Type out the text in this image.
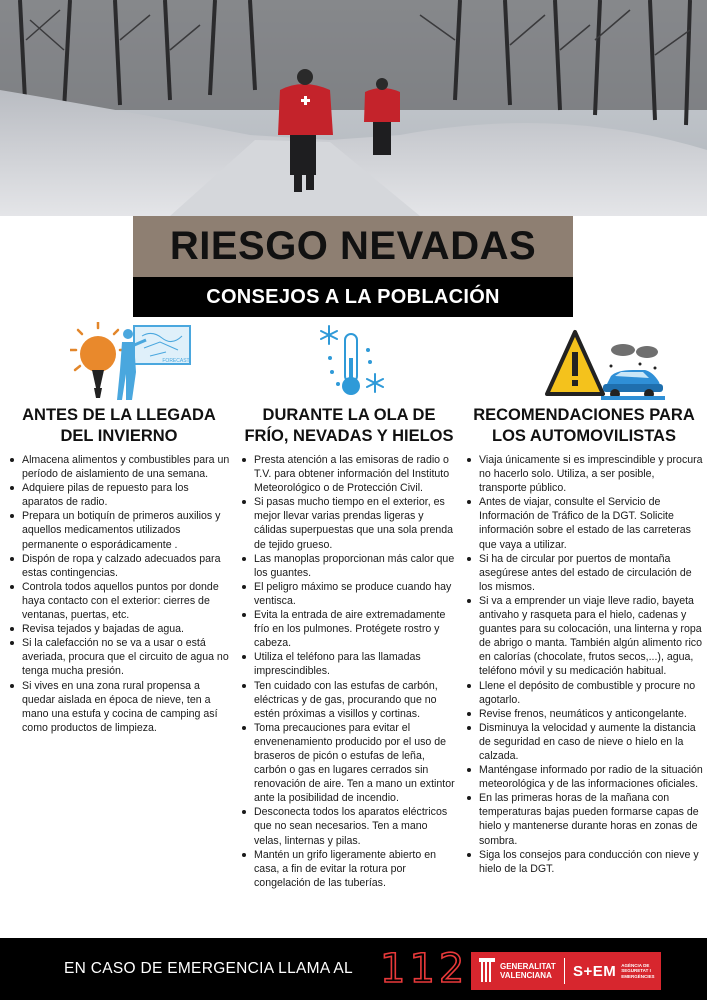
RIESGO NEVADAS
CONSEJOS A LA POBLACIÓN
FORECAST
ANTES DE LA LLEGADA DEL INVIERNO
Almacena alimentos y combustibles para un período de aislamiento de una semana.
Adquiere pilas de repuesto para los aparatos de radio.
Prepara un botiquín de primeros auxilios y aquellos medicamentos utilizados permanente o esporádicamente .
Dispón de ropa y calzado adecuados para estas contingencias.
Controla todos aquellos puntos por donde haya contacto con el exterior: cierres de ventanas, puertas, etc.
Revisa tejados y bajadas de agua.
Si la calefacción no se va a usar o está averiada, procura que el circuito de agua no tenga mucha presión.
Si vives en una zona rural propensa a quedar aislada en época de nieve, ten a mano una estufa y cocina de camping así como productos de limpieza.
DURANTE LA OLA DE FRÍO, NEVADAS Y HIELOS
Presta atención a las emisoras de radio o T.V. para obtener información del Instituto Meteorológico o de Protección Civil.
Si pasas mucho tiempo en el exterior, es mejor llevar varias prendas ligeras y cálidas superpuestas que una sola prenda de tejido grueso.
Las manoplas proporcionan más calor que los guantes.
El peligro máximo se produce cuando hay ventisca.
Evita la entrada de aire extremadamente frío en los pulmones. Protégete rostro y cabeza.
Utiliza el teléfono para las llamadas imprescindibles.
Ten cuidado con las estufas de carbón, eléctricas y de gas, procurando que no estén próximas a visillos y cortinas.
Toma precauciones para evitar el envenenamiento producido por el uso de braseros de picón o estufas de leña, carbón o gas en lugares cerrados sin renovación de aire. Ten a mano un extintor ante la posibilidad de incendio.
Desconecta todos los aparatos eléctricos que no sean necesarios. Ten a mano velas, linternas y pilas.
Mantén un grifo ligeramente abierto en casa, a fin de evitar la rotura por congelación de las tuberías.
RECOMENDACIONES PARA LOS AUTOMOVILISTAS
Viaja únicamente si es imprescindible y procura no hacerlo solo. Utiliza, a ser posible, transporte público.
Antes de viajar, consulte el Servicio de Información de Tráfico de la DGT. Solicite información sobre el estado de las carreteras que vaya a utilizar.
Si ha de circular por puertos de montaña asegúrese antes del estado de circulación de los mismos.
Si va a emprender un viaje lleve radio, bayeta antivaho y rasqueta para el hielo, cadenas y guantes para su colocación, una linterna y ropa de abrigo o manta. También algún alimento rico en calorías (chocolate, frutos secos,...), agua, teléfono móvil y su medicación habitual.
Llene el depósito de combustible y procure no agotarlo.
Revise frenos, neumáticos y anticongelante.
Disminuya la velocidad y aumente la distancia de seguridad en caso de nieve o hielo en la calzada.
Manténgase informado por radio de la situación meteorológica y de las informaciones oficiales.
En las primeras horas de la mañana con temperaturas bajas pueden formarse capas de hielo y mantenerse durante horas en zonas de sombra.
Siga los consejos para conducción con nieve y hielo de la DGT.
EN CASO DE EMERGENCIA LLAMA AL 112	GENERALITAT VALENCIANA	S+EM AGÈNCIA DE SEGURETAT I EMERGÈNCIES
